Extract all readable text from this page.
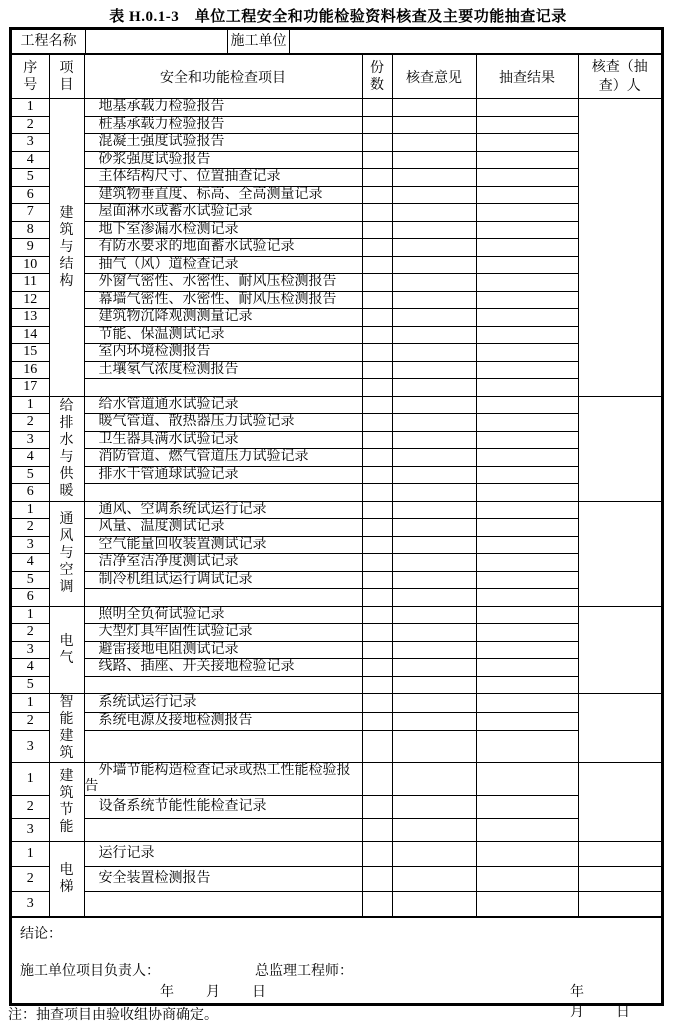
表 H.0.1-3　单位工程安全和功能检验资料核查及主要功能抽查记录
工程名称	施工单位
序号	项目	安全和功能检查项目	份数	核查意见	抽查结果	核查（抽查）人

1	建筑与结构	地基承载力检验报告				
2		桩基承载力检验报告				
3		混凝土强度试验报告				
4		砂浆强度试验报告				
5		主体结构尺寸、位置抽查记录				
6		建筑物垂直度、标高、全高测量记录				
7		屋面淋水或蓄水试验记录				
8		地下室渗漏水检测记录				
9		有防水要求的地面蓄水试验记录				
10		抽气（风）道检查记录				
11		外窗气密性、水密性、耐风压检测报告				
12		幕墙气密性、水密性、耐风压检测报告				
13		建筑物沉降观测测量记录				
14		节能、保温测试记录				
15		室内环境检测报告				
16		土壤氡气浓度检测报告				
17						
1	给排水与供暖	给水管道通水试验记录				
2		暖气管道、散热器压力试验记录				
3		卫生器具满水试验记录				
4		消防管道、燃气管道压力试验记录				
5		排水干管通球试验记录				
6						
1	通风与空调	通风、空调系统试运行记录				
2		风量、温度测试记录				
3		空气能量回收装置测试记录				
4		洁净室洁净度测试记录				
5		制冷机组试运行调试记录				
6						
1	电气	照明全负荷试验记录				
2		大型灯具牢固性试验记录				
3		避雷接地电阻测试记录				
4		线路、插座、开关接地检验记录				
5						
1	智能建筑	系统试运行记录				
2		系统电源及接地检测报告				
3						
1	建筑节能	外墙节能构造检查记录或热工性能检验报告				
2		设备系统节能性能检查记录				
3						
1	电梯	运行记录				
2		安全装置检测报告				
3						
结论：
施工单位项目负责人：	总监理工程师：
年 月 日	年月 日
注：抽查项目由验收组协商确定。
